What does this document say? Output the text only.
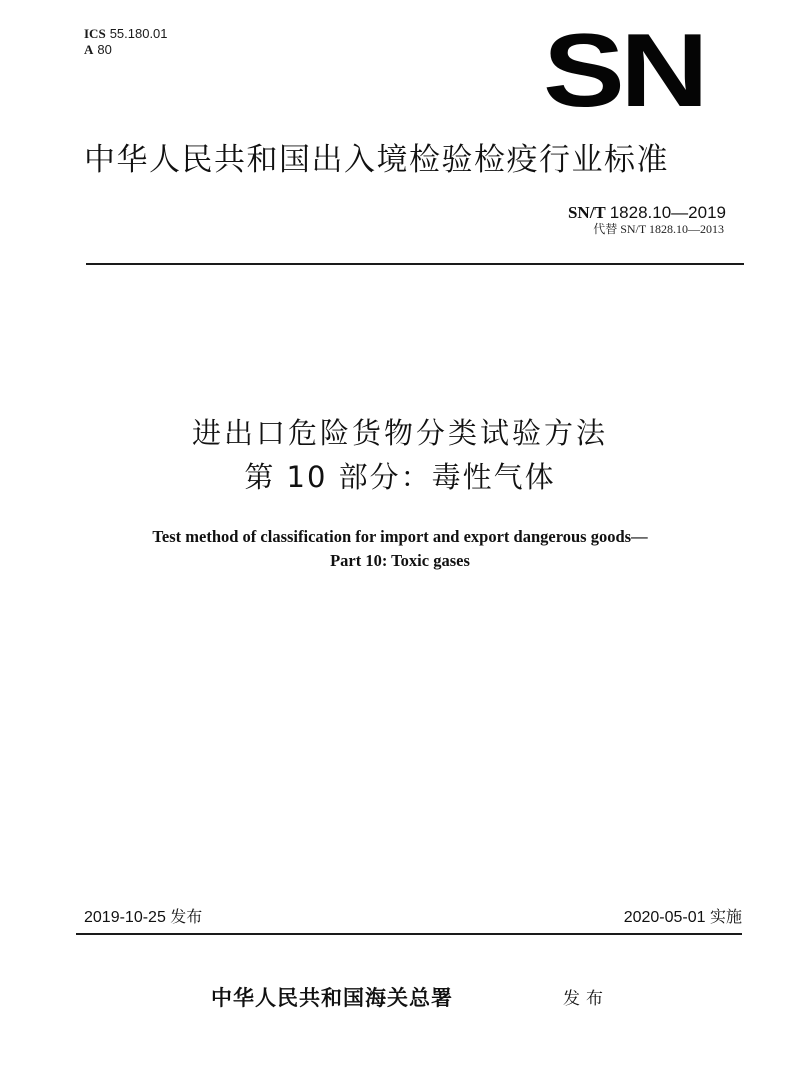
ICS 55.180.01
A 80	SN
中华人民共和国出入境检验检疫行业标准
SN/T 1828.10—2019
代替 SN/T 1828.10—2013
进出口危险货物分类试验方法
第 10 部分：毒性气体
Test method of classification for import and export dangerous goods—
Part 10: Toxic gases
2019-10-25 发布	2020-05-01 实施
中华人民共和国海关总署	发布
